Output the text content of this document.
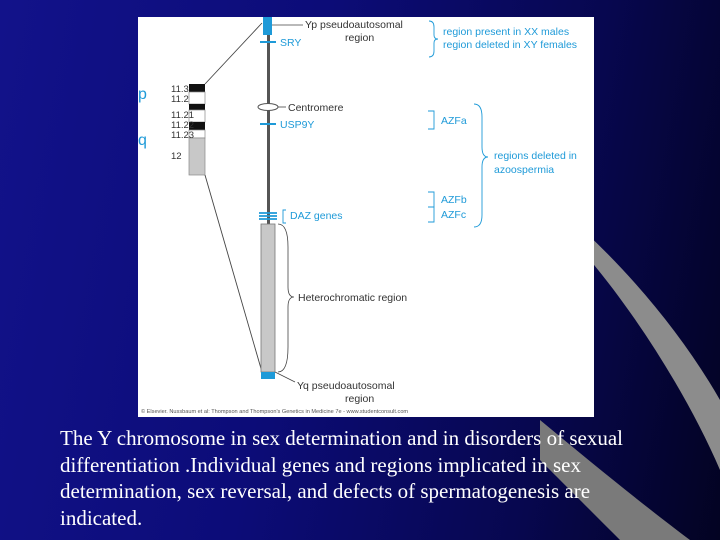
p
q
11.3
11.2
11.21
11.22
11.23
12
Yp pseudoautosomal
region
Centromere
Heterochromatic region
Yq pseudoautosomal
region
SRY
USP9Y
DAZ genes
region present in XX males
region deleted in XY females
AZFa
AZFb
AZFc
regions deleted in
azoospermia
© Elsevier. Nussbaum et al: Thompson and Thompson's Genetics in Medicine 7e - www.studentconsult.com
The Y chromosome in sex determination and in disorders of sexual differentiation .Individual genes and regions implicated in sex determination, sex reversal, and defects of spermatogenesis are indicated.
